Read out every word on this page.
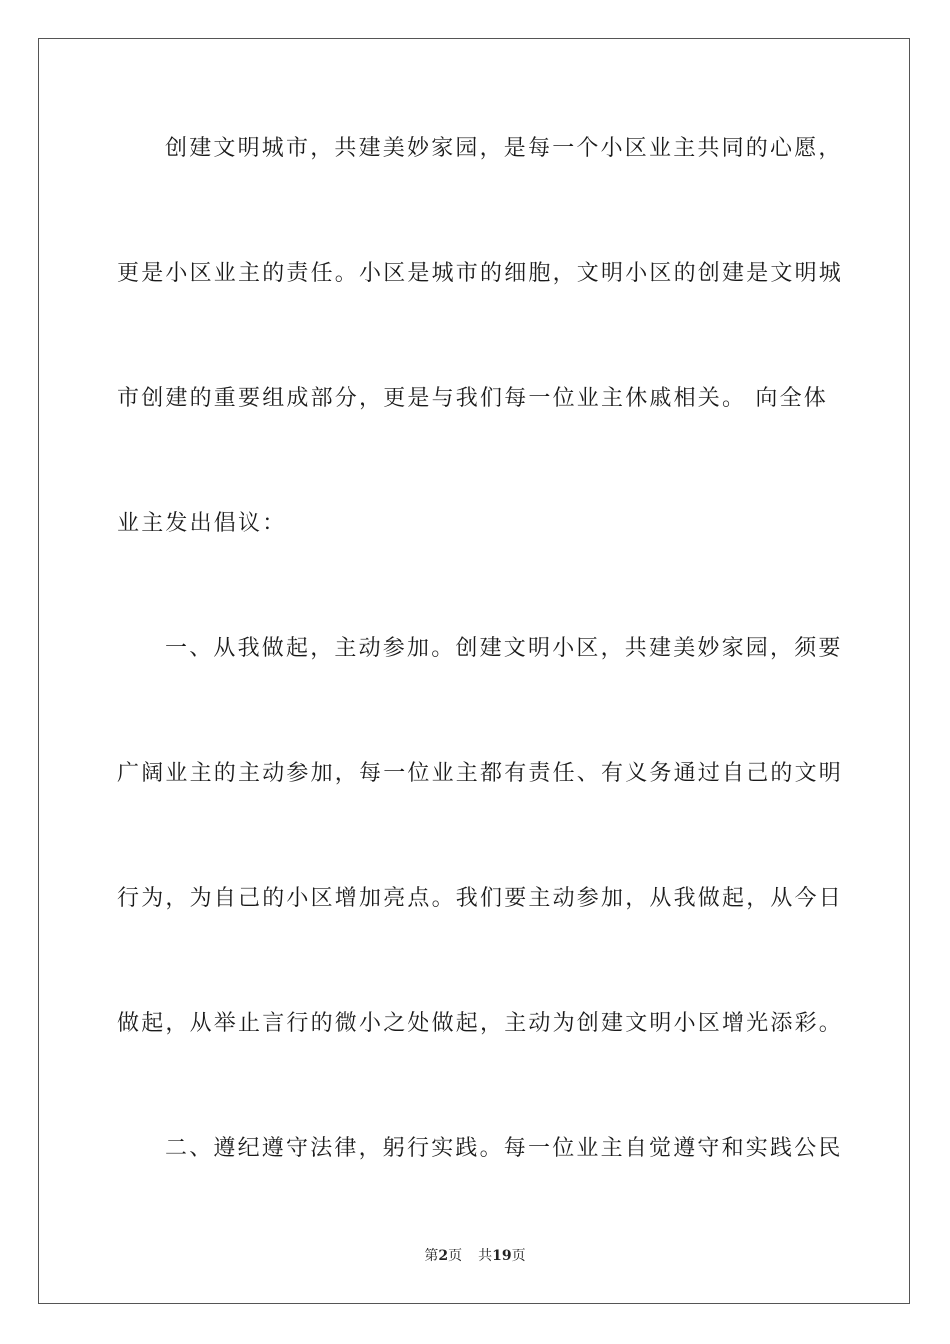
创建文明城市，共建美妙家园，是每一个小区业主共同的心愿，
更是小区业主的责任。小区是城市的细胞，文明小区的创建是文明城
市创建的重要组成部分，更是与我们每一位业主休戚相关。 向全体
业主发出倡议：
一、从我做起，主动参加。创建文明小区，共建美妙家园，须要
广阔业主的主动参加，每一位业主都有责任、有义务通过自己的文明
行为，为自己的小区增加亮点。我们要主动参加，从我做起，从今日
做起，从举止言行的微小之处做起，主动为创建文明小区增光添彩。
二、遵纪遵守法律，躬行实践。每一位业主自觉遵守和实践公民
第2页 共19页
